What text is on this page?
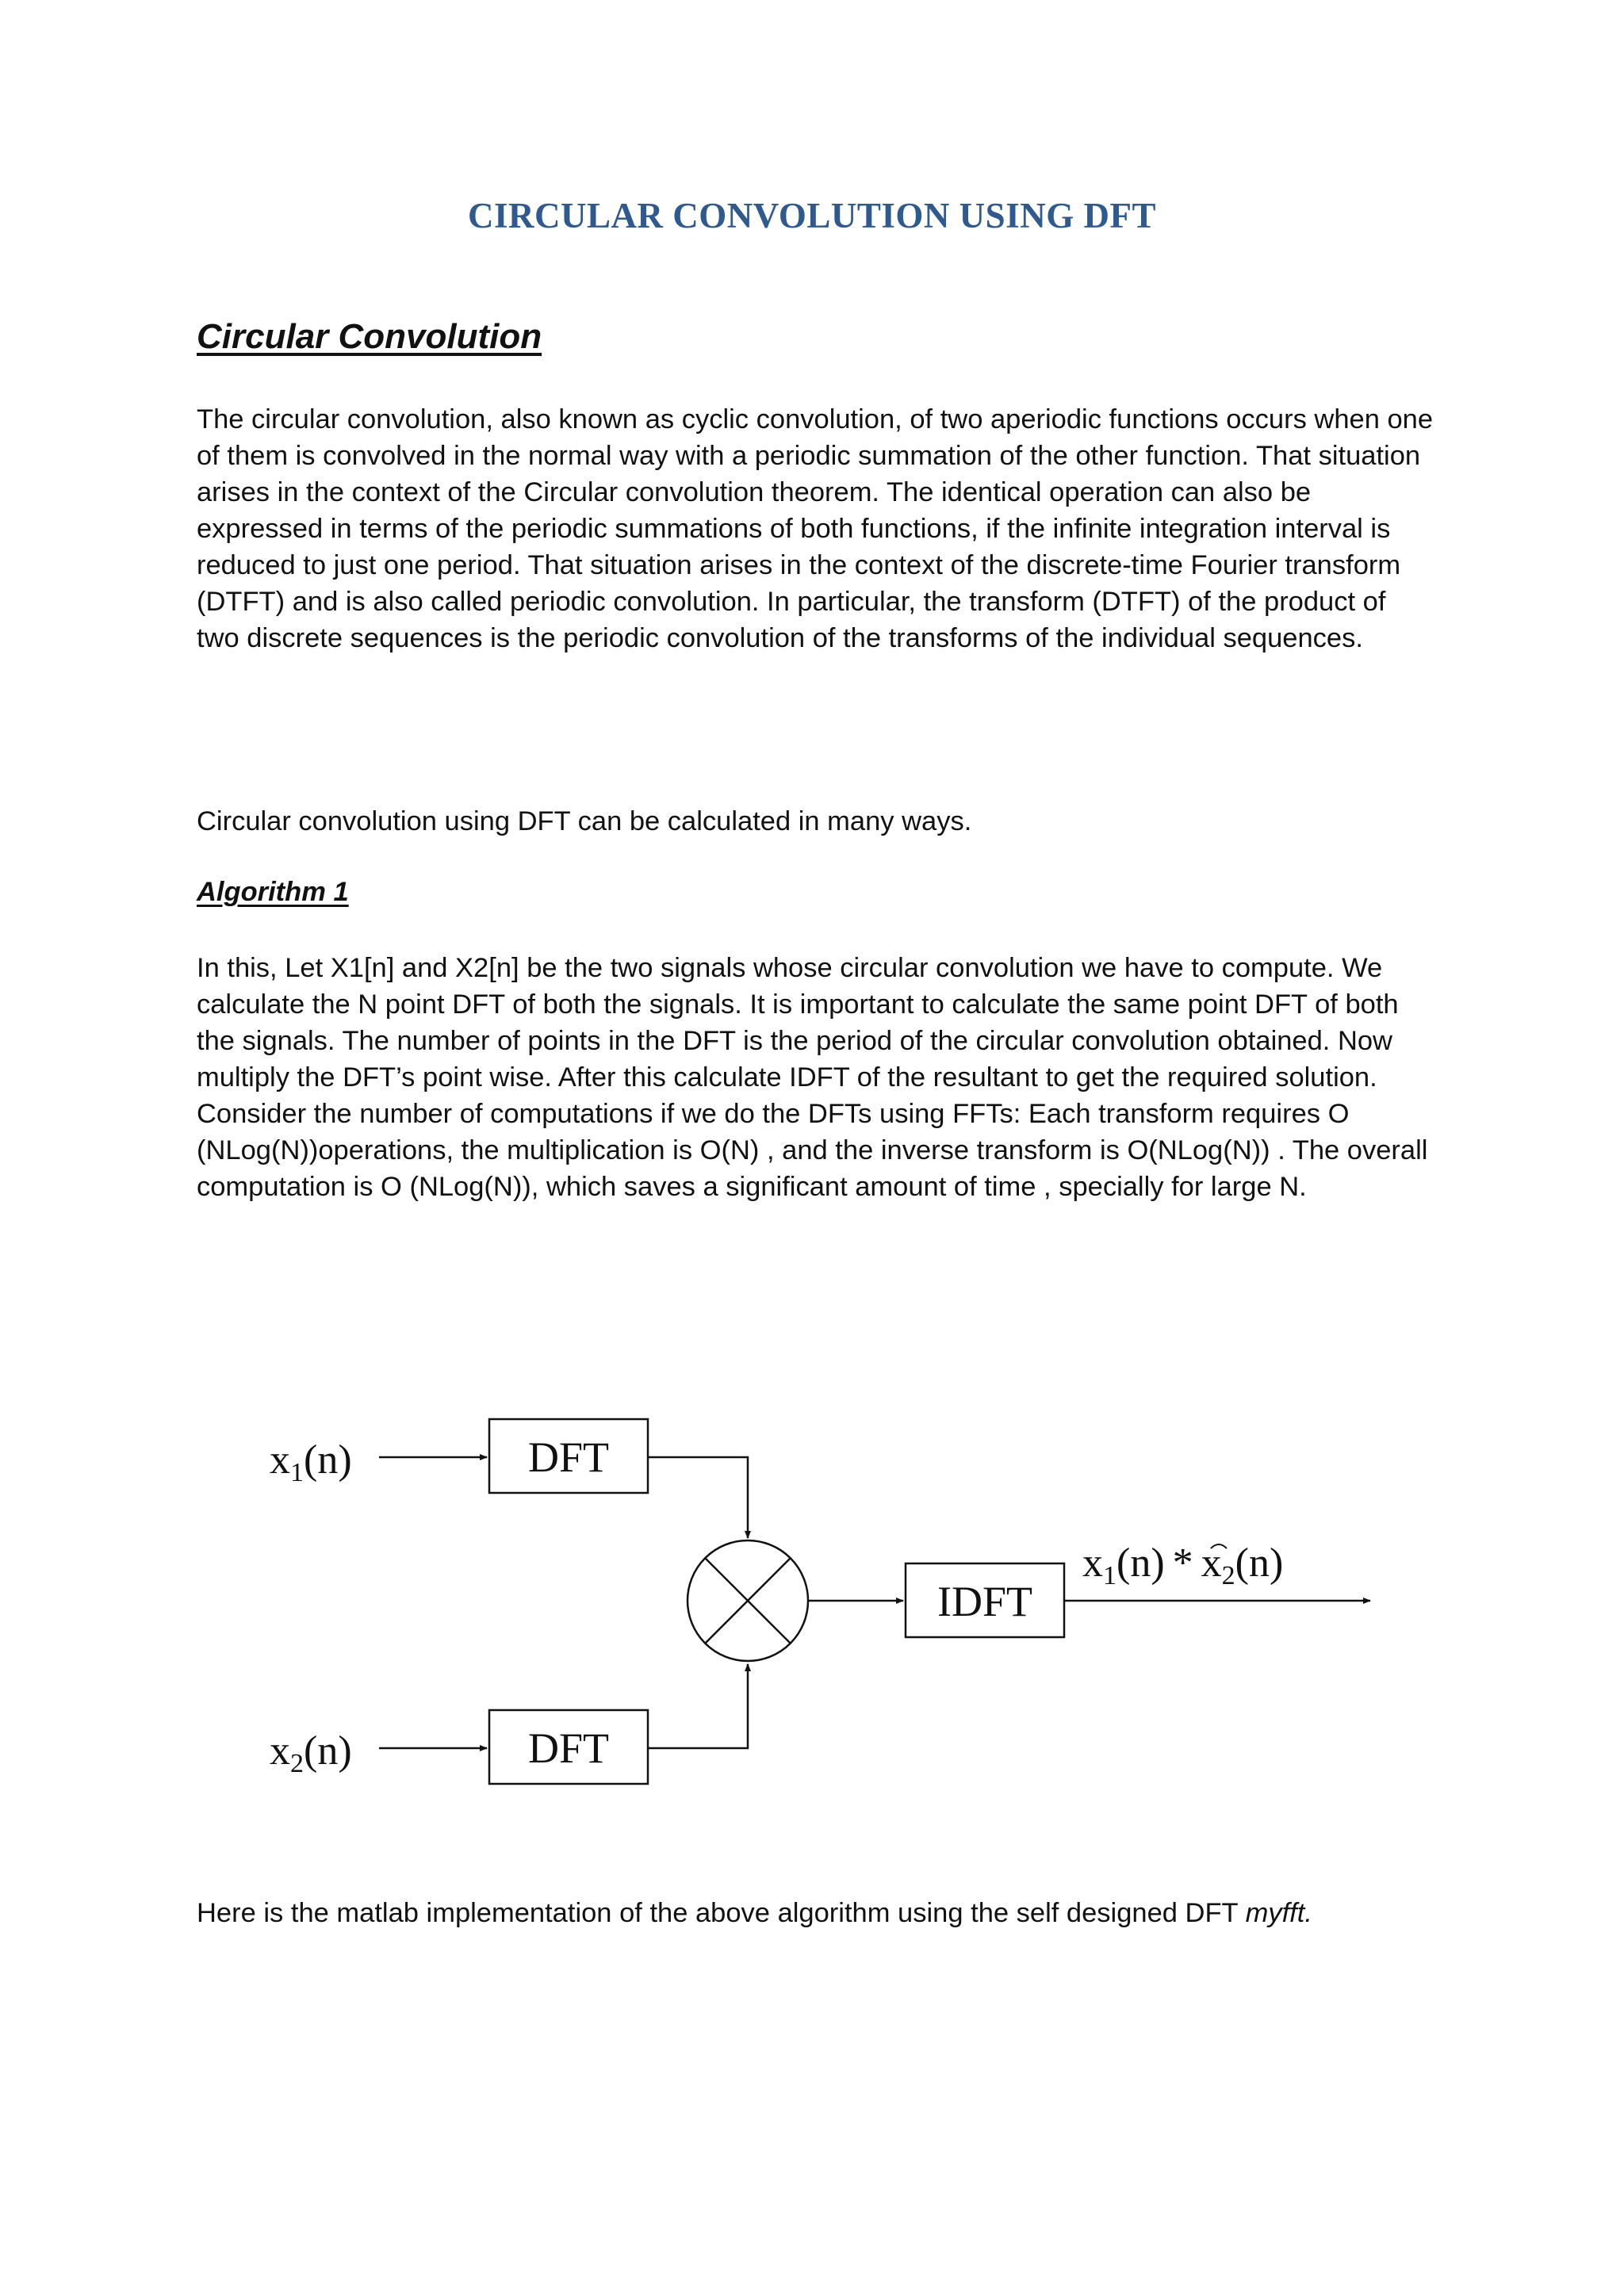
CIRCULAR CONVOLUTION USING DFT
Circular Convolution

The circular convolution, also known as cyclic convolution, of two aperiodic functions occurs when one of them is convolved in the normal way with a periodic summation of the other function. That situation arises in the context of the Circular convolution theorem. The identical operation can also be expressed in terms of the periodic summations of both functions, if the infinite integration interval is reduced to just one period. That situation arises in the context of the discrete-time Fourier transform (DTFT) and is also called periodic convolution. In particular, the transform (DTFT) of the product of two discrete sequences is the periodic convolution of the transforms of the individual sequences.

Circular convolution using DFT can be calculated in many ways.

Algorithm 1

In this, Let X1[n] and X2[n] be the two signals whose circular convolution we have to compute. We calculate the N point DFT of both the signals. It is important to calculate the same point DFT of both the signals. The number of points in the DFT is the period of the circular convolution obtained. Now multiply the DFT’s point wise. After this calculate IDFT of the resultant to get the required solution. Consider the number of computations if we do the DFTs using FFTs: Each transform requires O (NLog(N))operations, the multiplication is O(N) , and the inverse transform is O(NLog(N)) . The overall computation is O (NLog(N)), which saves a significant amount of time , specially for large N.

x1(n)	DFT
IDFT
x1(n) * x2(n)
x2(n)	DFT

Here is the matlab implementation of the above algorithm using the self designed DFT myfft.
